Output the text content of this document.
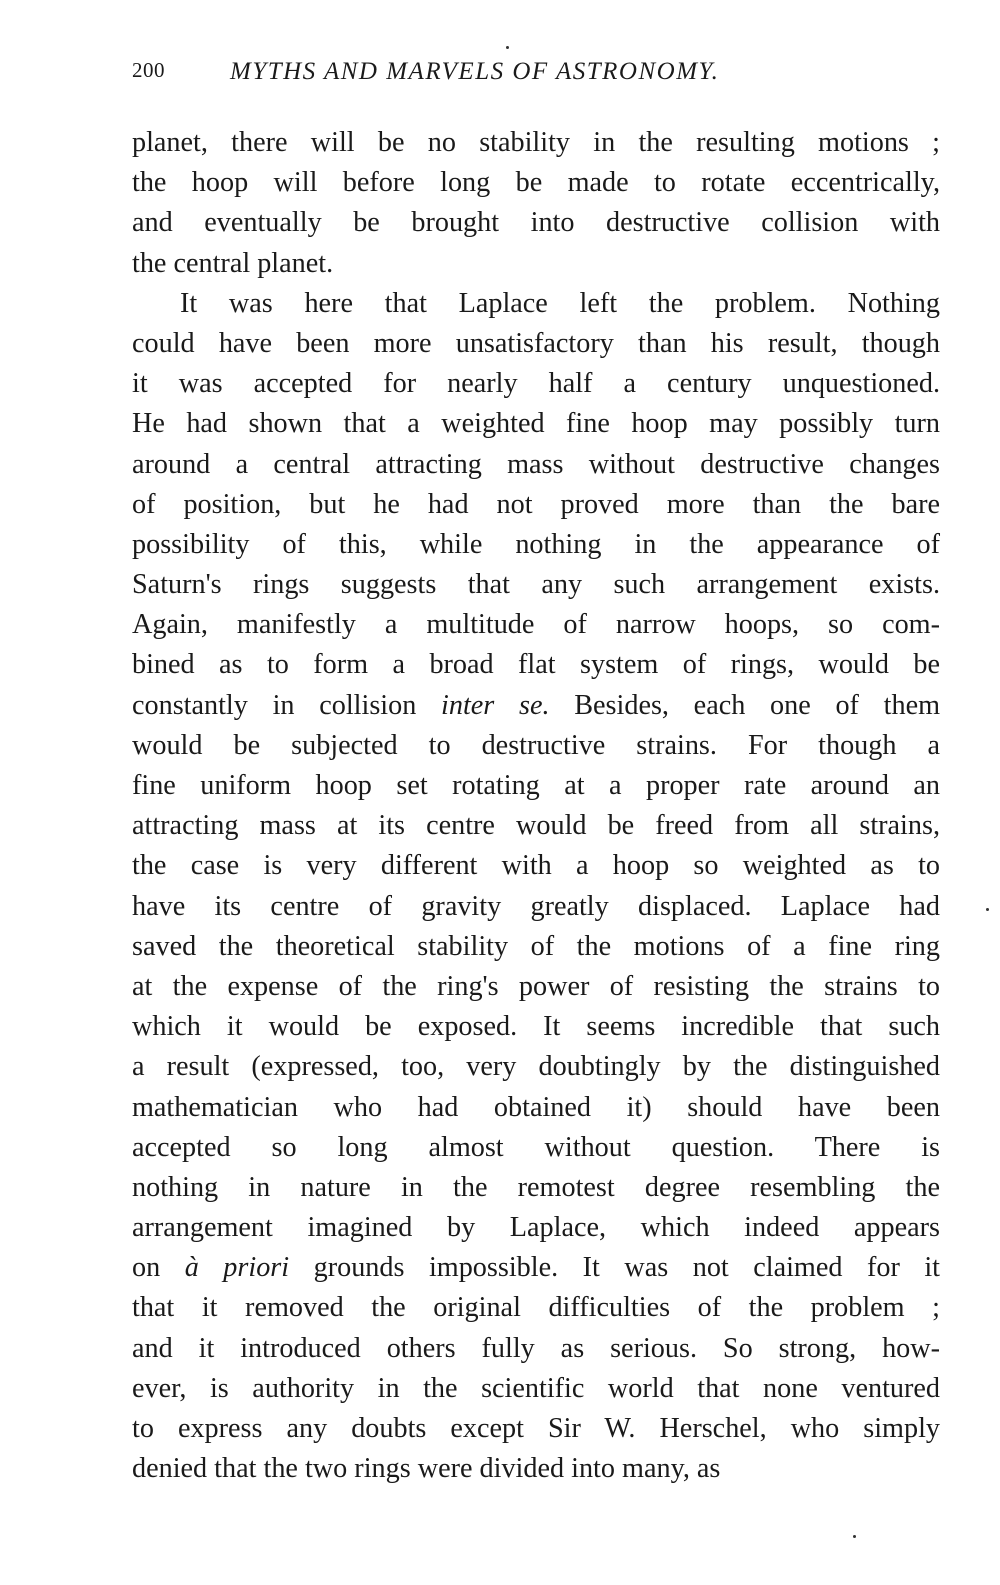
200	MYTHS AND MARVELS OF ASTRONOMY.
planet, there will be no stability in the resulting motions ;
the hoop will before long be made to rotate eccentrically,
and eventually be brought into destructive collision with
the central planet.
It was here that Laplace left the problem. Nothing
could have been more unsatisfactory than his result, though
it was accepted for nearly half a century unquestioned.
He had shown that a weighted fine hoop may possibly turn
around a central attracting mass without destructive changes
of position, but he had not proved more than the bare
possibility of this, while nothing in the appearance of
Saturn's rings suggests that any such arrangement exists.
Again, manifestly a multitude of narrow hoops, so com-
bined as to form a broad flat system of rings, would be
constantly in collision inter se. Besides, each one of them
would be subjected to destructive strains. For though a
fine uniform hoop set rotating at a proper rate around an
attracting mass at its centre would be freed from all strains,
the case is very different with a hoop so weighted as to
have its centre of gravity greatly displaced. Laplace had
saved the theoretical stability of the motions of a fine ring
at the expense of the ring's power of resisting the strains to
which it would be exposed. It seems incredible that such
a result (expressed, too, very doubtingly by the distinguished
mathematician who had obtained it) should have been
accepted so long almost without question. There is
nothing in nature in the remotest degree resembling the
arrangement imagined by Laplace, which indeed appears
on à priori grounds impossible. It was not claimed for it
that it removed the original difficulties of the problem ;
and it introduced others fully as serious. So strong, how-
ever, is authority in the scientific world that none ventured
to express any doubts except Sir W. Herschel, who simply
denied that the two rings were divided into many, as
